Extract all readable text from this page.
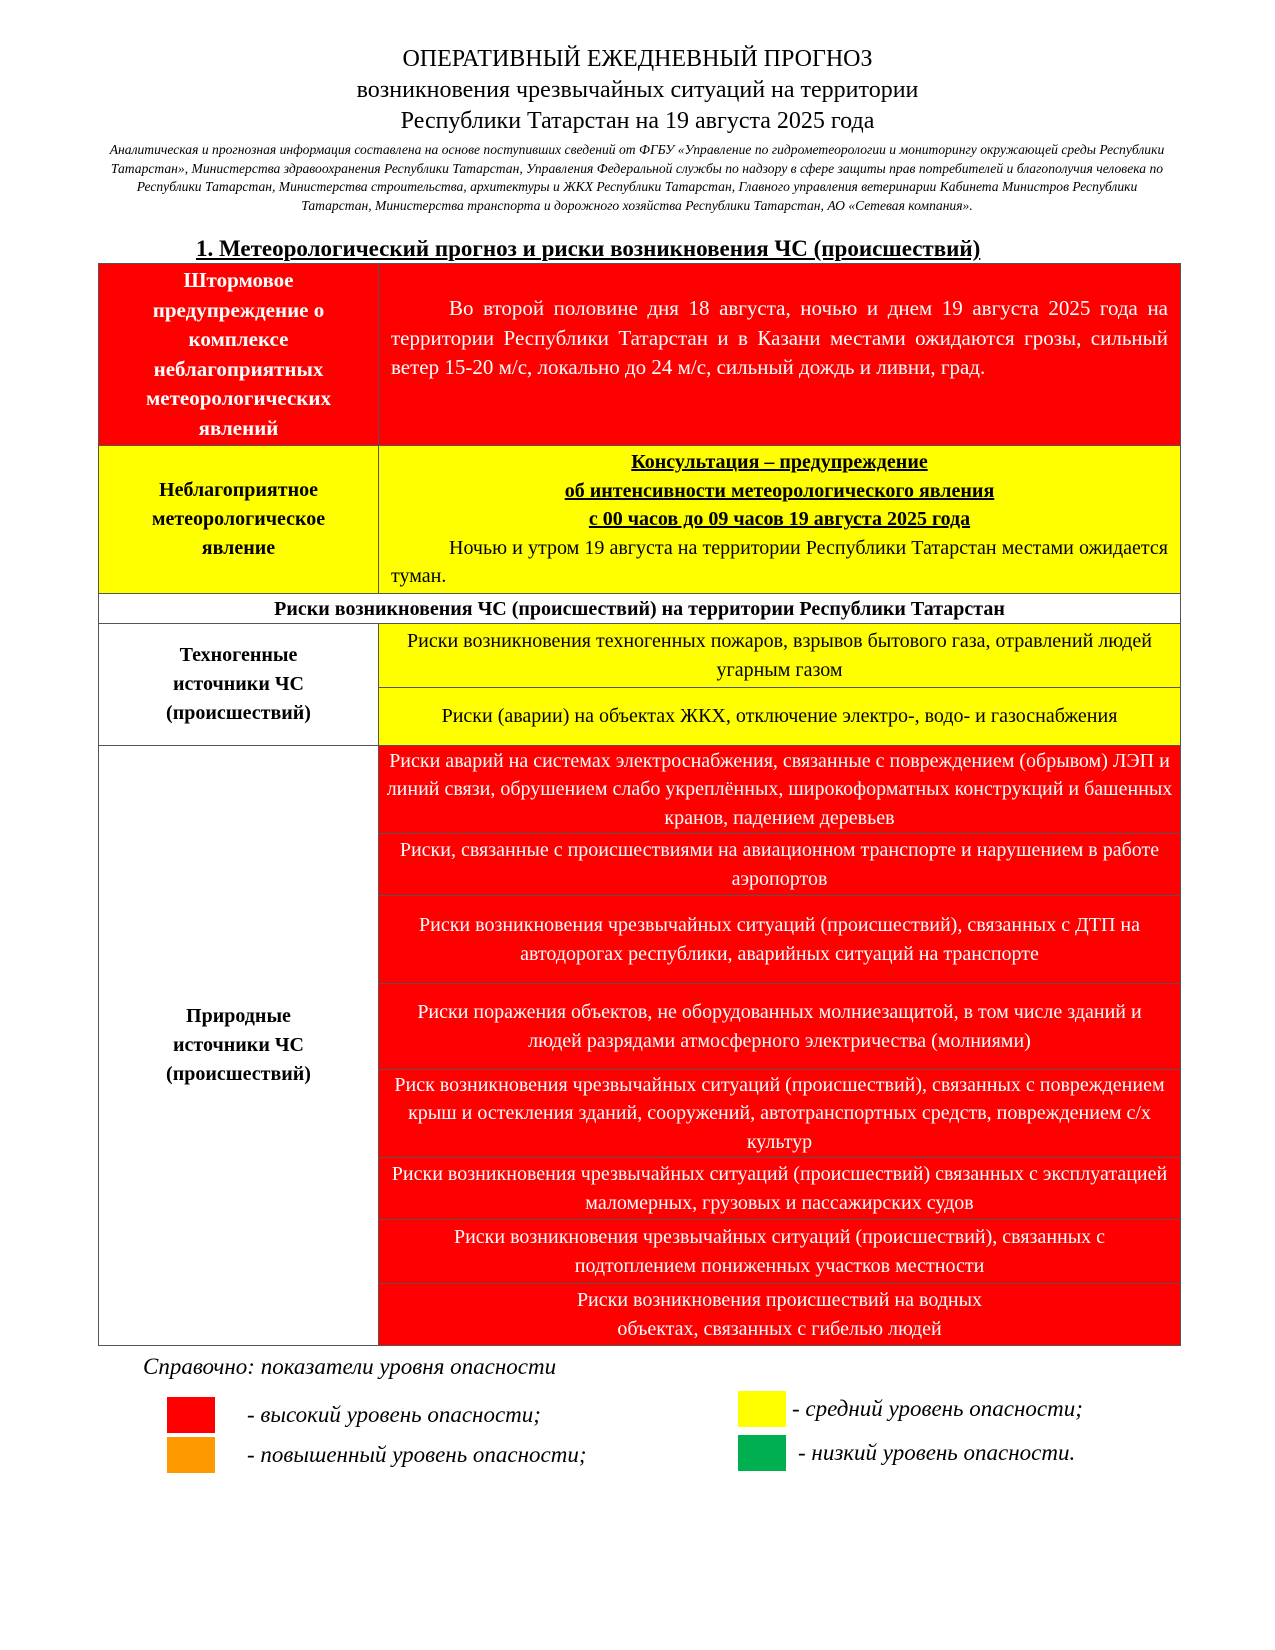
ОПЕРАТИВНЫЙ ЕЖЕДНЕВНЫЙ ПРОГНОЗ
возникновения чрезвычайных ситуаций на территории
Республики Татарстан на 19 августа 2025 года
Аналитическая и прогнозная информация составлена на основе поступивших сведений от ФГБУ «Управление по гидрометеорологии и мониторингу окружающей среды Республики Татарстан», Министерства здравоохранения Республики Татарстан, Управления Федеральной службы по надзору в сфере защиты прав потребителей и благополучия человека по Республики Татарстан, Министерства строительства, архитектуры и ЖКХ Республики Татарстан, Главного управления ветеринарии Кабинета Министров Республики Татарстан, Министерства транспорта и дорожного хозяйства Республики Татарстан, АО «Сетевая компания».
1. Метеорологический прогноз и риски возникновения ЧС (происшествий)
Штормовое предупреждение о комплексе неблагоприятных метеорологических явлений	Во второй половине дня 18 августа, ночью и днем 19 августа 2025 года на территории Республики Татарстан и в Казани местами ожидаются грозы, сильный ветер 15-20 м/с, локально до 24 м/с, сильный дождь и ливни, град.

Неблагоприятное метеорологическое явление	Консультация – предупреждение
об интенсивности метеорологического явления
с 00 часов до 09 часов 19 августа 2025 года
Ночью и утром 19 августа на территории Республики Татарстан местами ожидается туман.

Риски возникновения ЧС (происшествий) на территории Республики Татарстан	
Техногенные источники ЧС (происшествий)	Риски возникновения техногенных пожаров, взрывов бытового газа, отравлений людей угарным газом
	Риски (аварии) на объектах ЖКХ, отключение электро-, водо- и газоснабжения
Природные источники ЧС (происшествий)	Риски аварий на системах электроснабжения, связанные с повреждением (обрывом) ЛЭП и линий связи, обрушением слабо укреплённых, широкоформатных конструкций и башенных кранов, падением деревьев
	Риски, связанные с происшествиями на авиационном транспорте и нарушением в работе аэропортов
	Риски возникновения чрезвычайных ситуаций (происшествий), связанных с ДТП на автодорогах республики, аварийных ситуаций на транспорте
	Риски поражения объектов, не оборудованных молниезащитой, в том числе зданий и людей разрядами атмосферного электричества (молниями)
	Риск возникновения чрезвычайных ситуаций (происшествий), связанных с повреждением крыш и остекления зданий, сооружений, автотранспортных средств, повреждением с/х культур
	Риски возникновения чрезвычайных ситуаций (происшествий) связанных с эксплуатацией маломерных, грузовых и пассажирских судов
	Риски возникновения чрезвычайных ситуаций (происшествий), связанных с подтоплением пониженных участков местности
	Риски возникновения происшествий на водных объектах, связанных с гибелью людей
Справочно: показатели уровня опасности
- высокий уровень опасности;	- средний уровень опасности;
- повышенный уровень опасности;	- низкий уровень опасности.
